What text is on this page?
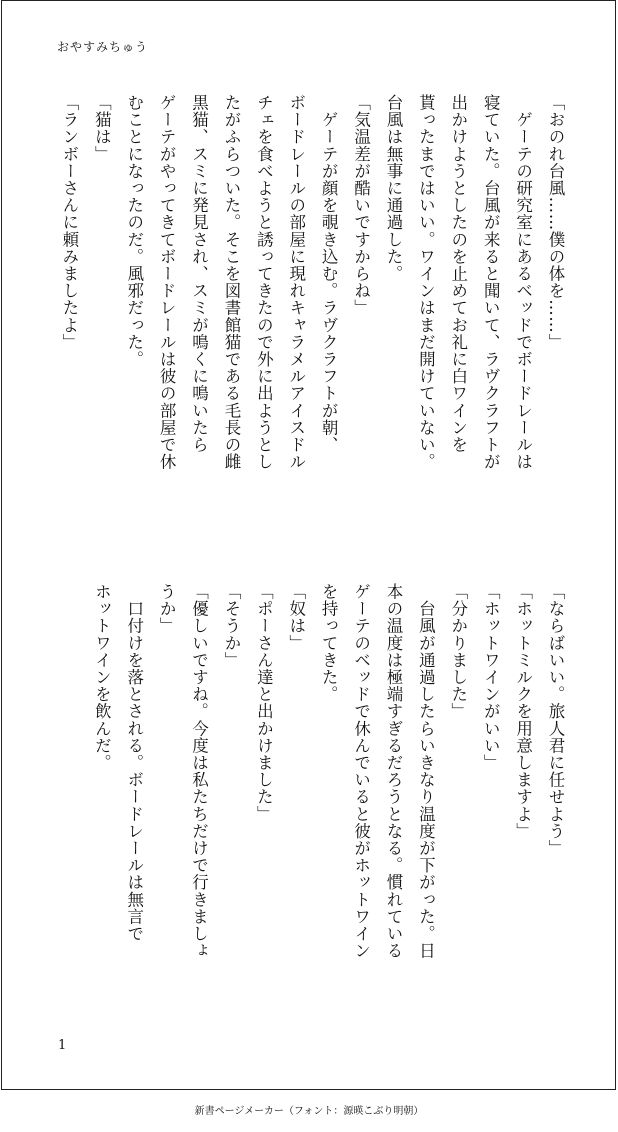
おやすみちゅう
「おのれ台風……僕の体を……」
　ゲーテの研究室にあるベッドでボードレールは
寝ていた。台風が来ると聞いて、ラヴクラフトが
出かけようとしたのを止めてお礼に白ワインを
貰ったまではいい。ワインはまだ開けていない。
台風は無事に通過した。
「気温差が酷いですからね」
　ゲーテが顔を覗き込む。ラヴクラフトが朝、
ボードレールの部屋に現れキャラメルアイスドル
チェを食べようと誘ってきたので外に出ようとし
たがふらついた。そこを図書館猫である毛長の雌
黒猫、スミに発見され、スミが鳴くに鳴いたら
ゲーテがやってきてボードレールは彼の部屋で休
むことになったのだ。風邪だった。
「猫は」
「ランボーさんに頼みましたよ」
「ならばいい。旅人君に任せよう」
「ホットミルクを用意しますよ」
「ホットワインがいい」
「分かりました」
　台風が通過したらいきなり温度が下がった。日
本の温度は極端すぎるだろうとなる。慣れている
ゲーテのベッドで休んでいると彼がホットワイン
を持ってきた。
「奴は」
「ポーさん達と出かけました」
「そうか」
「優しいですね。今度は私たちだけで行きましょ
うか」
　口付けを落とされる。ボードレールは無言で
ホットワインを飲んだ。
1
新書ページメーカー（フォント：源暎こぶり明朝）
